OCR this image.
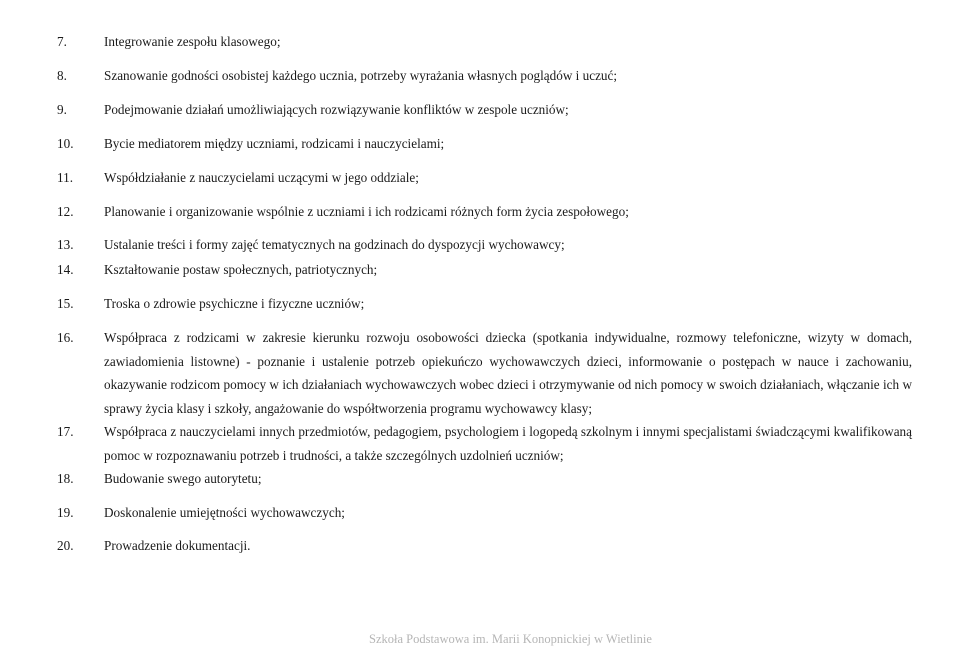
7.	Integrowanie zespołu klasowego;
8.	Szanowanie godności osobistej każdego ucznia, potrzeby wyrażania własnych poglądów i uczuć;
9.	Podejmowanie działań umożliwiających rozwiązywanie konfliktów w zespole uczniów;
10.	Bycie mediatorem między uczniami, rodzicami i nauczycielami;
11.	Współdziałanie z nauczycielami uczącymi w jego oddziale;
12.	Planowanie i organizowanie wspólnie z uczniami i ich rodzicami różnych form życia zespołowego;
13.	Ustalanie treści i formy zajęć tematycznych na godzinach do dyspozycji wychowawcy;
14.	Kształtowanie postaw społecznych, patriotycznych;
15.	Troska o zdrowie psychiczne i fizyczne uczniów;
16.	Współpraca z rodzicami w zakresie kierunku rozwoju osobowości dziecka (spotkania indywidualne, rozmowy telefoniczne, wizyty w domach, zawiadomienia listowne) - poznanie i ustalenie potrzeb opiekuńczo wychowawczych dzieci, informowanie o postępach w nauce i zachowaniu, okazywanie rodzicom pomocy w ich działaniach wychowawczych wobec dzieci i otrzymywanie od nich pomocy w swoich działaniach, włączanie ich w sprawy życia klasy i szkoły, angażowanie do współtworzenia programu wychowawcy klasy;
17.	Współpraca z nauczycielami innych przedmiotów, pedagogiem, psychologiem i logopedą szkolnym i innymi specjalistami świadczącymi kwalifikowaną pomoc w rozpoznawaniu potrzeb i trudności, a także szczególnych uzdolnień uczniów;
18.	Budowanie swego autorytetu;
19.	Doskonalenie umiejętności wychowawczych;
20.	Prowadzenie dokumentacji.
Szkoła Podstawowa im. Marii Konopnickiej w Wietlinie
